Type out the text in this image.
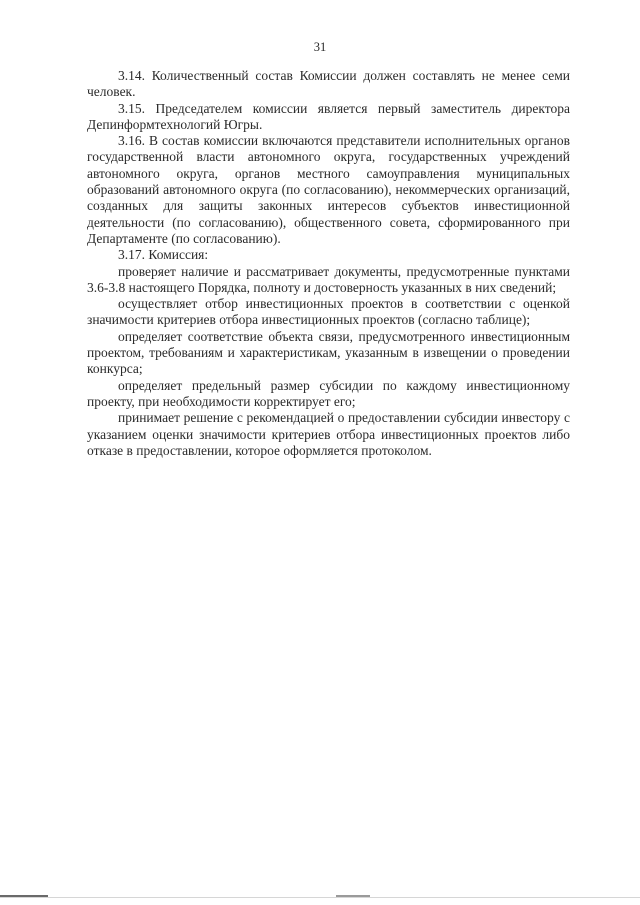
31

3.14. Количественный состав Комиссии должен составлять не менее семи человек.

3.15. Председателем комиссии является первый заместитель директора Депинформтехнологий Югры.

3.16. В состав комиссии включаются представители исполнительных органов государственной власти автономного округа, государственных учреждений автономного округа, органов местного самоуправления муниципальных образований автономного округа (по согласованию), некоммерческих организаций, созданных для защиты законных интересов субъектов инвестиционной деятельности (по согласованию), общественного совета, сформированного при Департаменте (по согласованию).

3.17. Комиссия:

проверяет наличие и рассматривает документы, предусмотренные пунктами 3.6-3.8 настоящего Порядка, полноту и достоверность указанных в них сведений;

осуществляет отбор инвестиционных проектов в соответствии с оценкой значимости критериев отбора инвестиционных проектов (согласно таблице);

определяет соответствие объекта связи, предусмотренного инвестиционным проектом, требованиям и характеристикам, указанным в извещении о проведении конкурса;

определяет предельный размер субсидии по каждому инвестиционному проекту, при необходимости корректирует его;

принимает решение с рекомендацией о предоставлении субсидии инвестору с указанием оценки значимости критериев отбора инвестиционных проектов либо отказе в предоставлении, которое оформляется протоколом.
